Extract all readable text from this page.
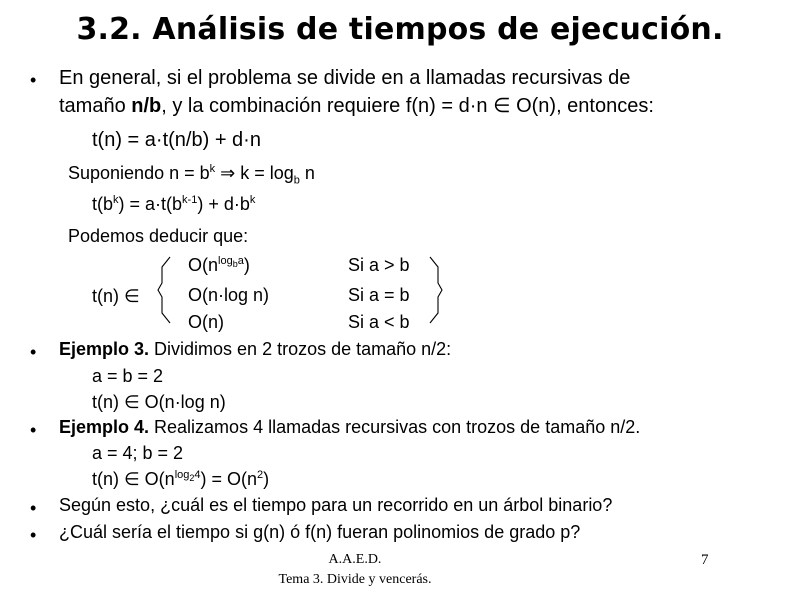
3.2. Análisis de tiempos de ejecución.
• En general, si el problema se divide en a llamadas recursivas de
tamaño n/b, y la combinación requiere f(n) = d·n ∈ O(n), entonces:
t(n) = a·t(n/b) + d·n
Suponiendo $n = b^k$ ⇒ $k = \log_b n$
$t(b^k) = a\cdot t(b^{k-1}) + d\cdot b^k$
Podemos deducir que:
t(n) ∈
$O(n^{log_ba})$	Si a > b
O(n·log n)	Si a = b
O(n)	Si a < b
• Ejemplo 3. Dividimos en 2 trozos de tamaño n/2:
a = b = 2
t(n) ∈ O(n·log n)
• Ejemplo 4. Realizamos 4 llamadas recursivas con trozos de tamaño n/2.
a = 4; b = 2
t(n) ∈ $O(n^{log_24}) = O(n^2)$
• Según esto, ¿cuál es el tiempo para un recorrido en un árbol binario?
• ¿Cuál sería el tiempo si g(n) ó f(n) fueran polinomios de grado p?
A.A.E.D.
Tema 3. Divide y vencerás.
7
